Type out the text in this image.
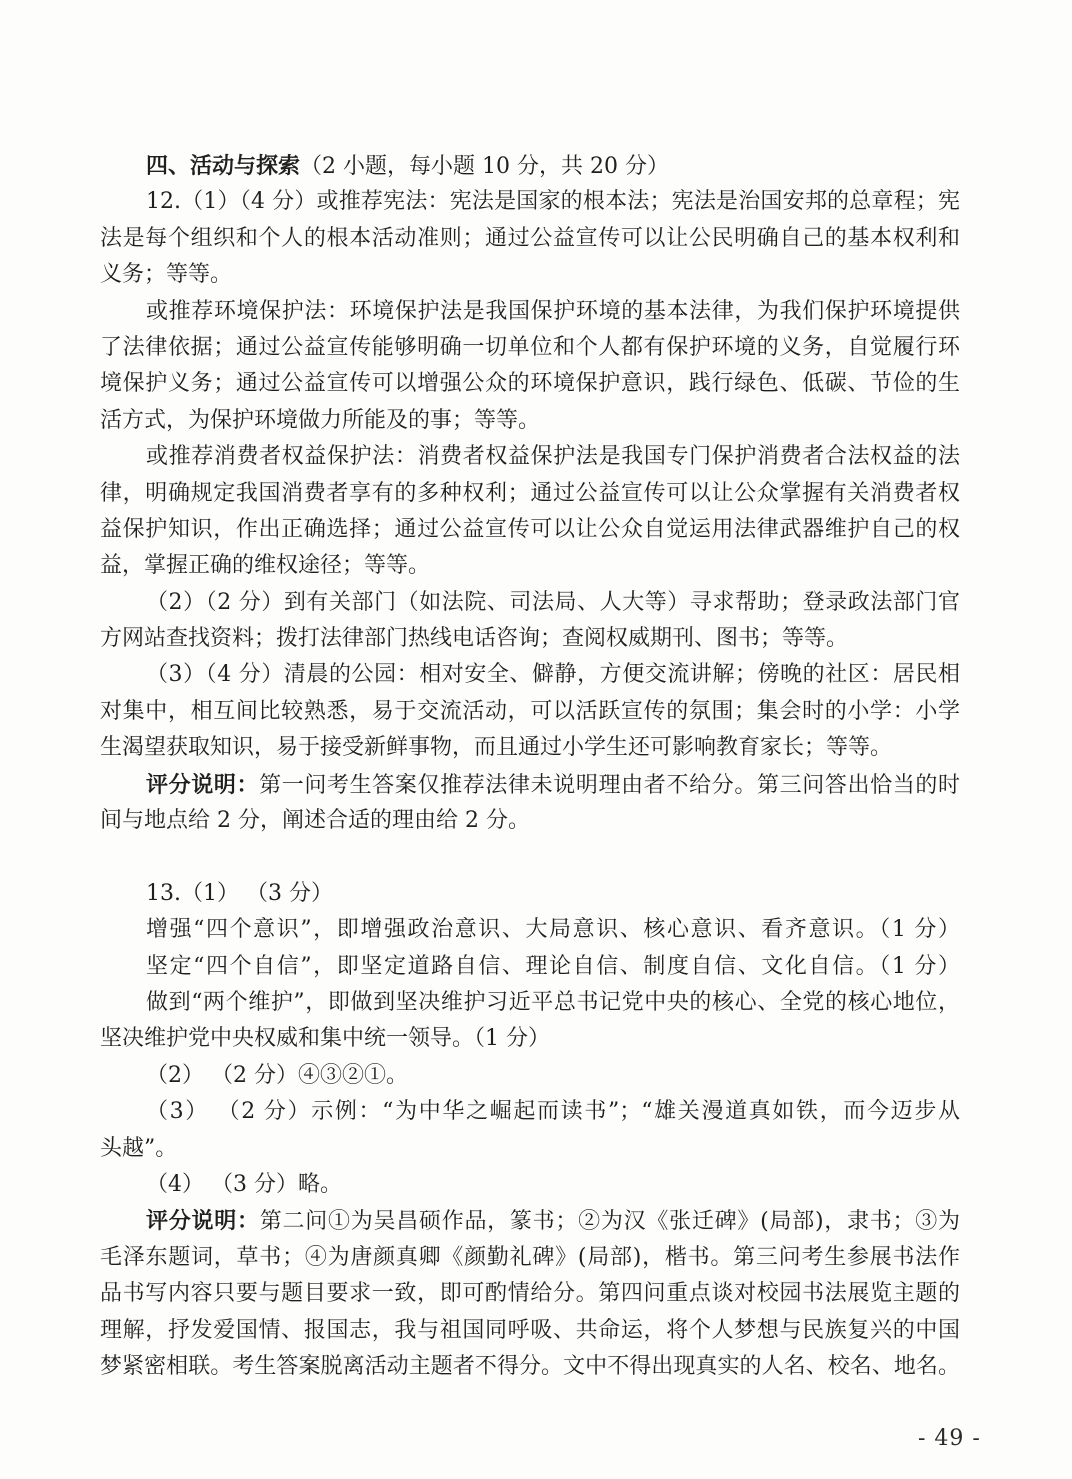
四、活动与探索（2 小题，每小题 10 分，共 20 分）
12.（1）（4 分）或推荐宪法：宪法是国家的根本法；宪法是治国安邦的总章程；宪
法是每个组织和个人的根本活动准则；通过公益宣传可以让公民明确自己的基本权利和
义务；等等。
或推荐环境保护法：环境保护法是我国保护环境的基本法律，为我们保护环境提供
了法律依据；通过公益宣传能够明确一切单位和个人都有保护环境的义务，自觉履行环
境保护义务；通过公益宣传可以增强公众的环境保护意识，践行绿色、低碳、节俭的生
活方式，为保护环境做力所能及的事；等等。
或推荐消费者权益保护法：消费者权益保护法是我国专门保护消费者合法权益的法
律，明确规定我国消费者享有的多种权利；通过公益宣传可以让公众掌握有关消费者权
益保护知识，作出正确选择；通过公益宣传可以让公众自觉运用法律武器维护自己的权
益，掌握正确的维权途径；等等。
（2）（2 分）到有关部门（如法院、司法局、人大等）寻求帮助；登录政法部门官
方网站查找资料；拨打法律部门热线电话咨询；查阅权威期刊、图书；等等。
（3）（4 分）清晨的公园：相对安全、僻静，方便交流讲解；傍晚的社区：居民相
对集中，相互间比较熟悉，易于交流活动，可以活跃宣传的氛围；集会时的小学：小学
生渴望获取知识，易于接受新鲜事物，而且通过小学生还可影响教育家长；等等。
评分说明：第一问考生答案仅推荐法律未说明理由者不给分。第三问答出恰当的时
间与地点给 2 分，阐述合适的理由给 2 分。
13.（1） （3 分）
增强“四个意识”，即增强政治意识、大局意识、核心意识、看齐意识。（1 分）
坚定“四个自信”，即坚定道路自信、理论自信、制度自信、文化自信。（1 分）
做到“两个维护”，即做到坚决维护习近平总书记党中央的核心、全党的核心地位，
坚决维护党中央权威和集中统一领导。（1 分）
（2） （2 分）④③②①。
（3） （2 分）示例：“为中华之崛起而读书”；“雄关漫道真如铁，而今迈步从
头越”。
（4） （3 分）略。
评分说明：第二问①为吴昌硕作品，篆书；②为汉《张迁碑》(局部)，隶书；③为
毛泽东题词，草书；④为唐颜真卿《颜勤礼碑》(局部)，楷书。第三问考生参展书法作
品书写内容只要与题目要求一致，即可酌情给分。第四问重点谈对校园书法展览主题的
理解，抒发爱国情、报国志，我与祖国同呼吸、共命运，将个人梦想与民族复兴的中国
梦紧密相联。考生答案脱离活动主题者不得分。文中不得出现真实的人名、校名、地名。
- 49 -
